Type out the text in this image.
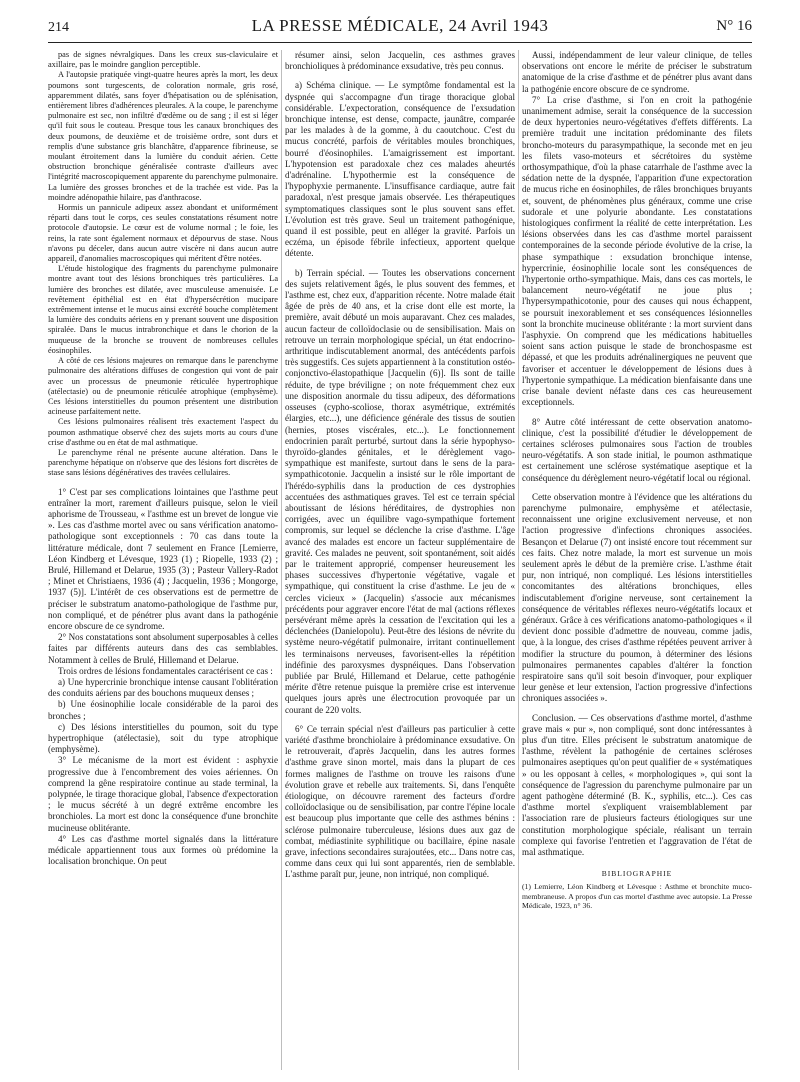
214	LA PRESSE MÉDICALE, 24 Avril 1943	N° 16

pas de signes névralgiques. Dans les creux sus-claviculaire et axillaire, pas le moindre ganglion perceptible.

A l'autopsie pratiquée vingt-quatre heures après la mort, les deux poumons sont turgescents, de coloration normale, gris rosé, apparemment dilatés, sans foyer d'hépatisation ou de splénisation, entièrement libres d'adhérences pleurales. A la coupe, le parenchyme pulmonaire est sec, non infiltré d'œdème ou de sang ; il est si léger qu'il fuit sous le couteau. Presque tous les canaux bronchiques des deux poumons, de deuxième et de troisième ordre, sont durs et remplis d'une substance gris blanchâtre, d'apparence fibrineuse, se moulant étroitement dans la lumière du conduit aérien. Cette obstruction bronchique généralisée contraste d'ailleurs avec l'intégrité macroscopiquement apparente du parenchyme pulmonaire. La lumière des grosses bronches et de la trachée est vide. Pas la moindre adénopathie hilaire, pas d'anthracose.

Hormis un pannicule adipeux assez abondant et uniformément réparti dans tout le corps, ces seules constatations résument notre protocole d'autopsie. Le cœur est de volume normal ; le foie, les reins, la rate sont également normaux et dépourvus de stase. Nous n'avons pu déceler, dans aucun autre viscère ni dans aucun autre appareil, d'anomalies macroscopiques qui méritent d'être notées.

L'étude histologique des fragments du parenchyme pulmonaire montre avant tout des lésions bronchiques très particulières. La lumière des bronches est dilatée, avec musculeuse amenuisée. Le revêtement épithélial est en état d'hypersécrétion mucipare extrêmement intense et le mucus ainsi excrété bouche complètement la lumière des conduits aériens en y prenant souvent une disposition spiralée. Dans le mucus intrabronchique et dans le chorion de la muqueuse de la bronche se trouvent de nombreuses cellules éosinophiles.

A côté de ces lésions majeures on remarque dans le parenchyme pulmonaire des altérations diffuses de congestion qui vont de pair avec un processus de pneumonie réticulée hypertrophique (atélectasie) ou de pneumonie réticulée atrophique (emphysème). Ces lésions interstitielles du poumon présentent une distribution acineuse parfaitement nette.

Ces lésions pulmonaires réalisent très exactement l'aspect du poumon asthmatique observé chez des sujets morts au cours d'une crise d'asthme ou en état de mal asthmatique.

Le parenchyme rénal ne présente aucune altération. Dans le parenchyme hépatique on n'observe que des lésions fort discrètes de stase sans lésions dégénératives des travées cellulaires.

1° C'est par ses complications lointaines que l'asthme peut entraîner la mort, rarement d'ailleurs puisque, selon le vieil aphorisme de Trousseau, « l'asthme est un brevet de longue vie ». Les cas d'asthme mortel avec ou sans vérification anatomo-pathologique sont exceptionnels : 70 cas dans toute la littérature médicale, dont 7 seulement en France [Lemierre, Léon Kindberg et Lévesque, 1923 (1) ; Riopelle, 1933 (2) ; Brulé, Hillemand et Delarue, 1935 (3) ; Pasteur Vallery-Radot ; Minet et Christiaens, 1936 (4) ; Jacquelin, 1936 ; Mongorge, 1937 (5)]. L'intérêt de ces observations est de permettre de préciser le substratum anatomo-pathologique de l'asthme pur, non compliqué, et de pénétrer plus avant dans la pathogénie encore obscure de ce syndrome.

2° Nos constatations sont absolument superposables à celles faites par différents auteurs dans des cas semblables. Notamment à celles de Brulé, Hillemand et Delarue.

Trois ordres de lésions fondamentales caractérisent ce cas :

a) Une hypercrinie bronchique intense causant l'oblitération des conduits aériens par des bouchons muqueux denses ;

b) Une éosinophilie locale considérable de la paroi des bronches ;

c) Des lésions interstitielles du poumon, soit du type hypertrophique (atélectasie), soit du type atrophique (emphysème).

3° Le mécanisme de la mort est évident : asphyxie progressive due à l'encombrement des voies aériennes. On comprend la gêne respiratoire continue au stade terminal, la polypnée, le tirage thoracique global, l'absence d'expectoration ; le mucus sécrété à un degré extrême encombre les bronchioles. La mort est donc la conséquence d'une bronchite mucineuse oblitérante.

4° Les cas d'asthme mortel signalés dans la littérature médicale appartiennent tous aux formes où prédomine la localisation bronchique. On peut

résumer ainsi, selon Jacquelin, ces asthmes graves bronchioliques à prédominance exsudative, très peu connus.

a) Schéma clinique. — Le symptôme fondamental est la dyspnée qui s'accompagne d'un tirage thoracique global considérable. L'expectoration, conséquence de l'exsudation bronchique intense, est dense, compacte, jaunâtre, comparée par les malades à de la gomme, à du caoutchouc. C'est du mucus concrété, parfois de véritables moules bronchiques, bourré d'éosinophiles. L'amaigrissement est important. L'hypotension est paradoxale chez ces malades aheurtés d'adrénaline. L'hypothermie est la conséquence de l'hypophyxie permanente. L'insuffisance cardiaque, autre fait paradoxal, n'est presque jamais observée. Les thérapeutiques symptomatiques classiques sont le plus souvent sans effet. L'évolution est très grave. Seul un traitement pathogénique, quand il est possible, peut en alléger la gravité. Parfois un eczéma, un épisode fébrile infectieux, apportent quelque détente.

b) Terrain spécial. — Toutes les observations concernent des sujets relativement âgés, le plus souvent des femmes, et l'asthme est, chez eux, d'apparition récente. Notre malade était âgée de près de 40 ans, et la crise dont elle est morte, la première, avait débuté un mois auparavant. Chez ces malades, aucun facteur de colloïdoclasie ou de sensibilisation. Mais on retrouve un terrain morphologique spécial, un état endocrino-arthritique indiscutablement anormal, des antécédents parfois très suggestifs. Ces sujets appartiennent à la constitution ostéo-conjonctivo-élastopathique [Jacquelin (6)]. Ils sont de taille réduite, de type bréviligne ; on note fréquemment chez eux une disposition anormale du tissu adipeux, des déformations osseuses (cypho-scoliose, thorax asymétrique, extrémités élargies, etc...), une déficience générale des tissus de soutien (hernies, ptoses viscérales, etc...). Le fonctionnement endocrinien paraît perturbé, surtout dans la série hypophyso-thyroïdo-glandes génitales, et le dérèglement vago-sympathique est manifeste, surtout dans le sens de la para-sympathicotonie. Jacquelin a insisté sur le rôle important de l'hérédo-syphilis dans la production de ces dystrophies accentuées des asthmatiques graves. Tel est ce terrain spécial aboutissant de lésions héréditaires, de dystrophies non corrigées, avec un équilibre vago-sympathique fortement compromis, sur lequel se déclenche la crise d'asthme. L'âge avancé des malades est encore un facteur supplémentaire de gravité. Ces malades ne peuvent, soit spontanément, soit aidés par le traitement approprié, compenser heureusement les phases successives d'hypertonie végétative, vagale et sympathique, qui constituent la crise d'asthme. Le jeu de « cercles vicieux » (Jacquelin) s'associe aux mécanismes précédents pour aggraver encore l'état de mal (actions réflexes persévérant même après la cessation de l'excitation qui les a déclenchées (Danielopolu). Peut-être des lésions de névrite du système neuro-végétatif pulmonaire, irritant continuellement les terminaisons nerveuses, favorisent-elles la répétition indéfinie des paroxysmes dyspnéiques. Dans l'observation publiée par Brulé, Hillemand et Delarue, cette pathogénie mérite d'être retenue puisque la première crise est intervenue quelques jours après une électrocution provoquée par un courant de 220 volts.

6° Ce terrain spécial n'est d'ailleurs pas particulier à cette variété d'asthme bronchiolaire à prédominance exsudative. On le retrouverait, d'après Jacquelin, dans les autres formes d'asthme grave sinon mortel, mais dans la plupart de ces formes malignes de l'asthme on trouve les raisons d'une évolution grave et rebelle aux traitements. Si, dans l'enquête étiologique, on découvre rarement des facteurs d'ordre colloïdoclasique ou de sensibilisation, par contre l'épine locale est beaucoup plus importante que celle des asthmes bénins : sclérose pulmonaire tuberculeuse, lésions dues aux gaz de combat, médiastinite syphilitique ou bacillaire, épine nasale grave, infections secondaires surajoutées, etc... Dans notre cas, comme dans ceux qui lui sont apparentés, rien de semblable. L'asthme paraît pur, jeune, non intriqué, non compliqué.

Aussi, indépendamment de leur valeur clinique, de telles observations ont encore le mérite de préciser le substratum anatomique de la crise d'asthme et de pénétrer plus avant dans la pathogénie encore obscure de ce syndrome.

7° La crise d'asthme, si l'on en croit la pathogénie unanimement admise, serait la conséquence de la succession de deux hypertonies neuro-végétatives d'effets différents. La première traduit une incitation prédominante des filets broncho-moteurs du parasympathique, la seconde met en jeu les filets vaso-moteurs et sécrétoires du système orthosympathique, d'où la phase catarrhale de l'asthme avec la sédation nette de la dyspnée, l'apparition d'une expectoration de mucus riche en éosinophiles, de râles bronchiques bruyants et, souvent, de phénomènes plus généraux, comme une crise sudorale et une polyurie abondante. Les constatations histologiques confirment la réalité de cette interprétation. Les lésions observées dans les cas d'asthme mortel paraissent contemporaines de la seconde période évolutive de la crise, la phase sympathique : exsudation bronchique intense, hypercrinie, éosinophilie locale sont les conséquences de l'hypertonie ortho-sympathique. Mais, dans ces cas mortels, le balancement neuro-végétatif ne joue plus ; l'hypersympathicotonie, pour des causes qui nous échappent, se poursuit inexorablement et ses conséquences lésionnelles sont la bronchite mucineuse oblitérante : la mort survient dans l'asphyxie. On comprend que les médications habituelles soient sans action puisque le stade de bronchospasme est dépassé, et que les produits adrénalinergiques ne peuvent que favoriser et accentuer le développement de lésions dues à l'hypertonie sympathique. La médication bienfaisante dans une crise banale devient néfaste dans ces cas heureusement exceptionnels.

8° Autre côté intéressant de cette observation anatomo-clinique, c'est la possibilité d'étudier le développement de certaines scléroses pulmonaires sous l'action de troubles neuro-végétatifs. A son stade initial, le poumon asthmatique est certainement une sclérose systématique aseptique et la conséquence du dérèglement neuro-végétatif local ou régional.

Cette observation montre à l'évidence que les altérations du parenchyme pulmonaire, emphysème et atélectasie, reconnaissent une origine exclusivement nerveuse, et non l'action progressive d'infections chroniques associées. Besançon et Delarue (7) ont insisté encore tout récemment sur ces faits. Chez notre malade, la mort est survenue un mois seulement après le début de la première crise. L'asthme était pur, non intriqué, non compliqué. Les lésions interstitielles concomitantes des altérations bronchiques, elles indiscutablement d'origine nerveuse, sont certainement la conséquence de véritables réflexes neuro-végétatifs locaux et généraux. Grâce à ces vérifications anatomo-pathologiques « il devient donc possible d'admettre de nouveau, comme jadis, que, à la longue, des crises d'asthme répétées peuvent arriver à modifier la structure du poumon, à déterminer des lésions pulmonaires permanentes capables d'altérer la fonction respiratoire sans qu'il soit besoin d'invoquer, pour expliquer leur genèse et leur extension, l'action progressive d'infections chroniques associées ».

Conclusion. — Ces observations d'asthme mortel, d'asthme grave mais « pur », non compliqué, sont donc intéressantes à plus d'un titre. Elles précisent le substratum anatomique de l'asthme, révèlent la pathogénie de certaines scléroses pulmonaires aseptiques qu'on peut qualifier de « systématiques » ou les opposant à celles, « morphologiques », qui sont la conséquence de l'agression du parenchyme pulmonaire par un agent pathogène déterminé (B. K., syphilis, etc...). Ces cas d'asthme mortel s'expliquent vraisemblablement par l'association rare de plusieurs facteurs étiologiques sur une constitution morphologique spéciale, réalisant un terrain complexe qui favorise l'entretien et l'aggravation de l'état de mal asthmatique.

BIBLIOGRAPHIE

(1) Lemierre, Léon Kindberg et Lévesque : Asthme et bronchite muco-membraneuse. A propos d'un cas mortel d'asthme avec autopsie. La Presse Médicale, 1923, n° 36.
